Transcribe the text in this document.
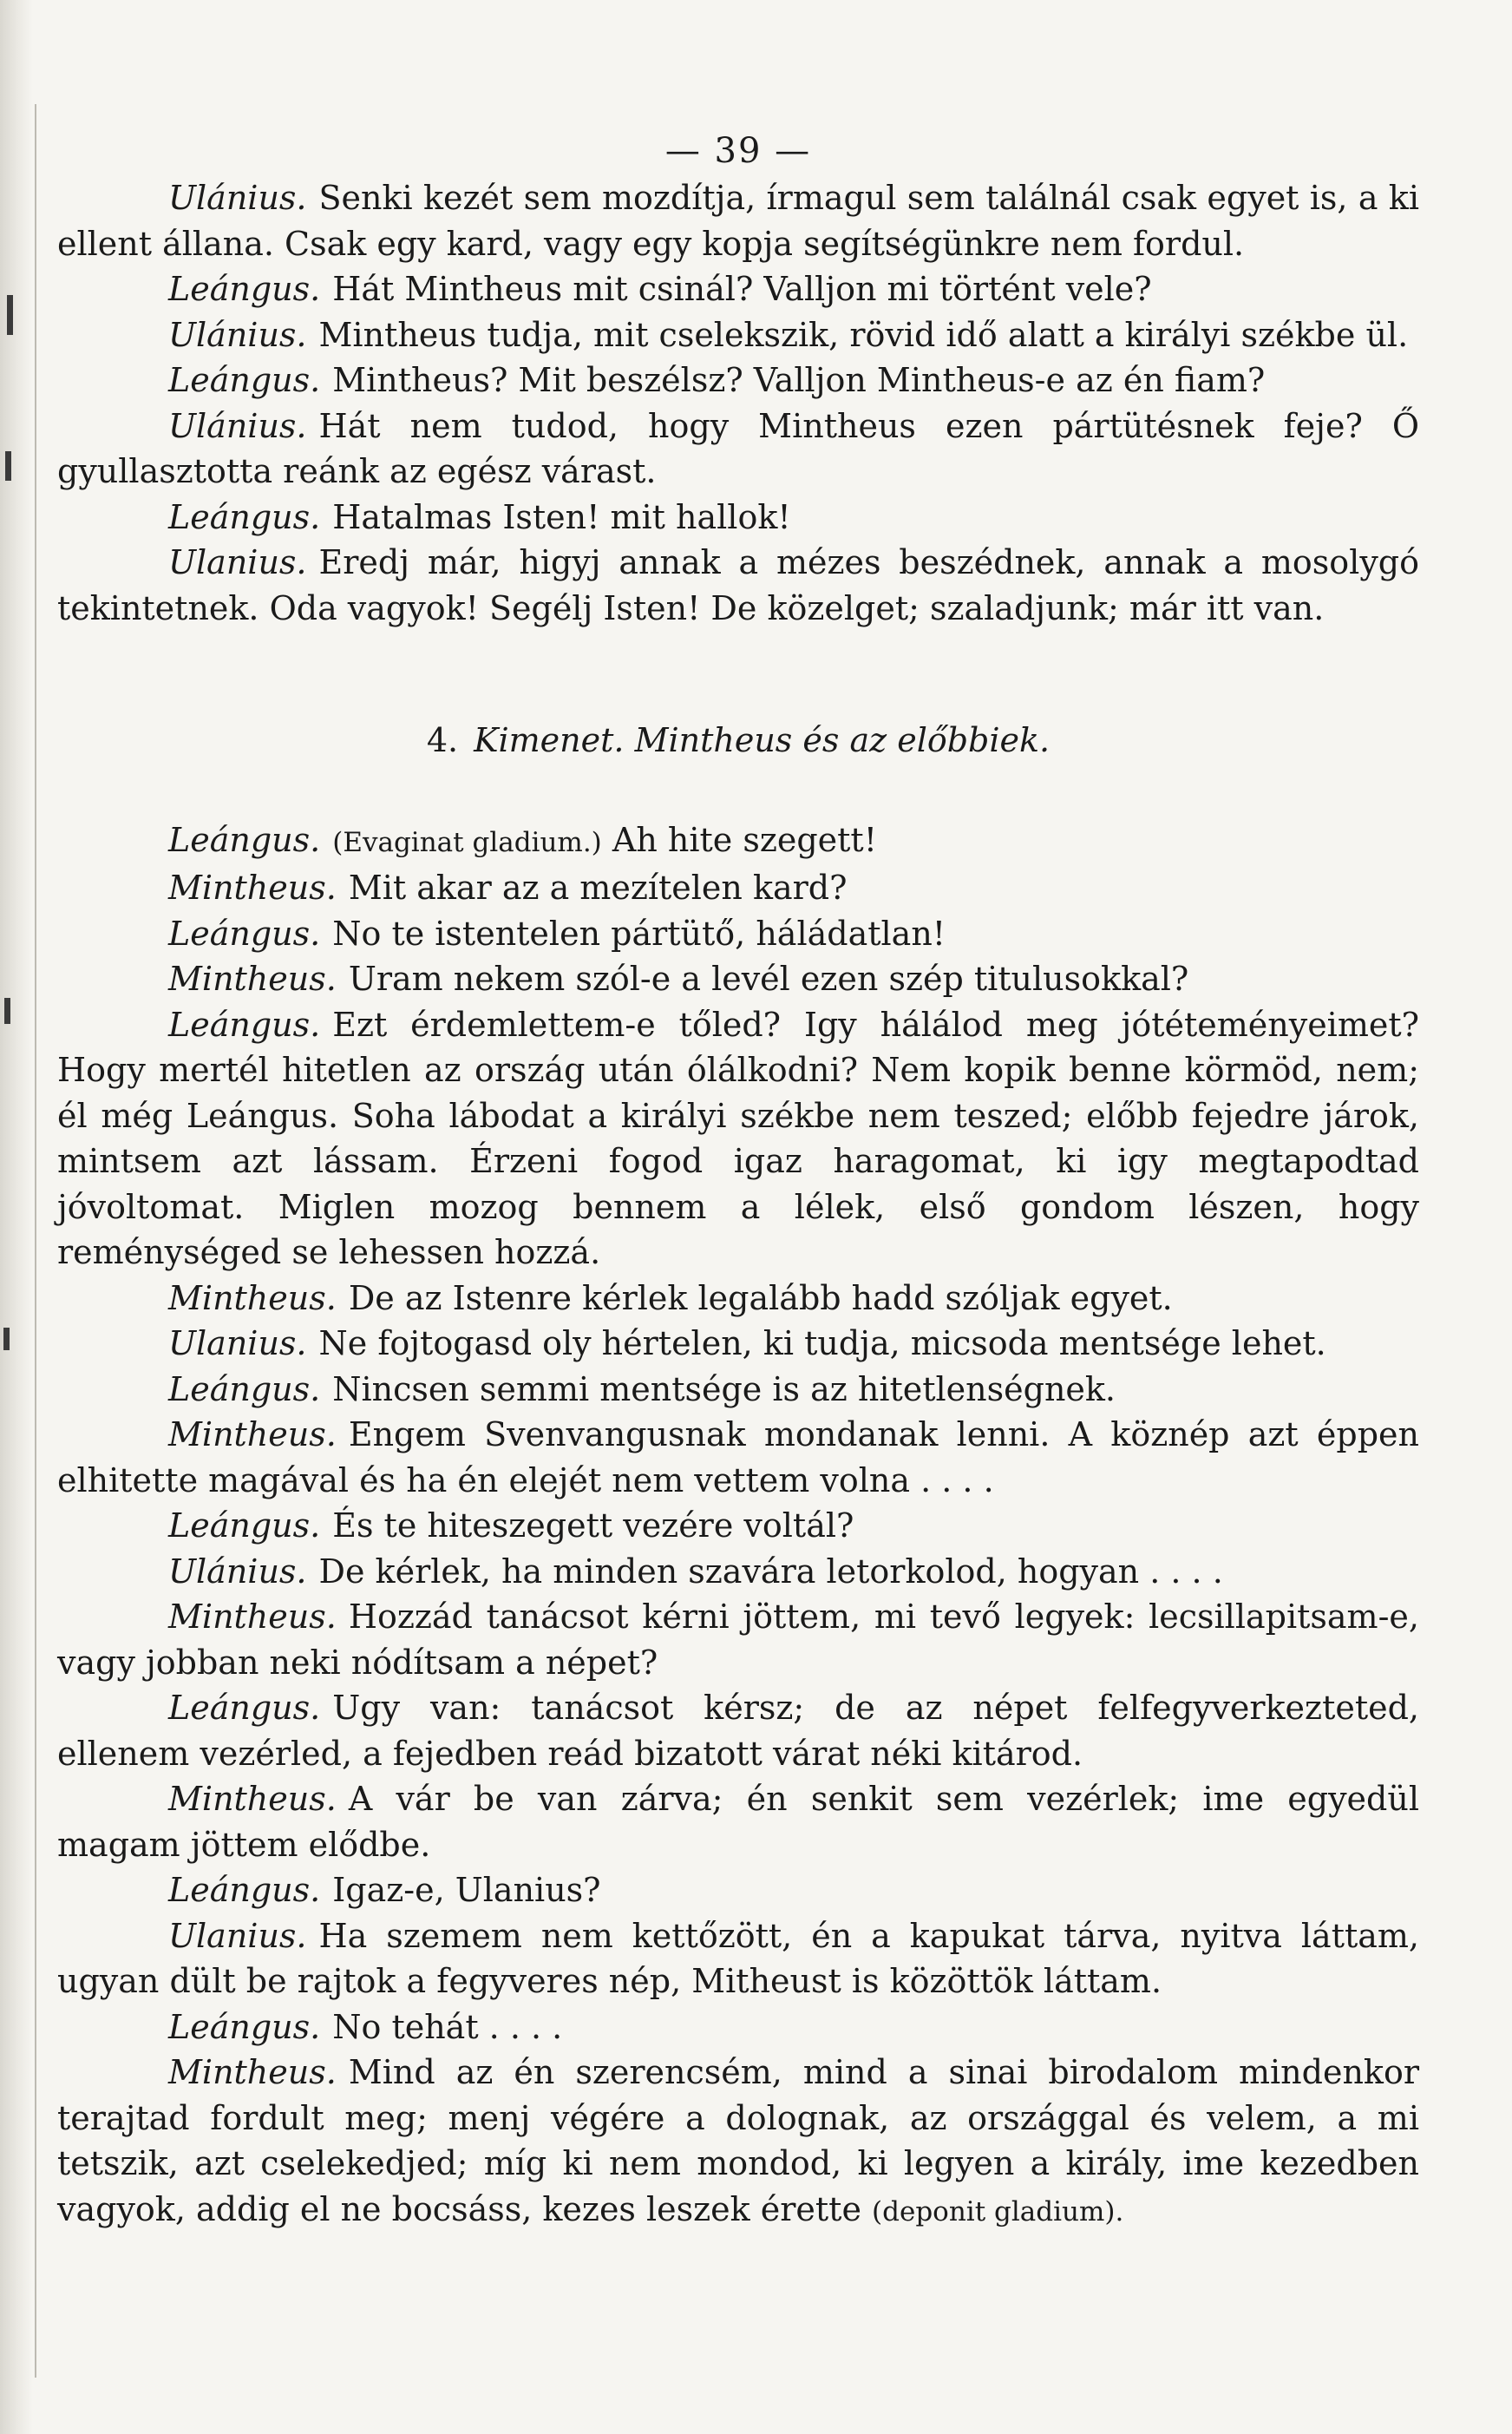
— 39 —

Ulánius. Senki kezét sem mozdítja, írmagul sem találnál csak egyet is, a ki ellent állana. Csak egy kard, vagy egy kopja segítségünkre nem fordul.

Leángus. Hát Mintheus mit csinál? Valljon mi történt vele?

Ulánius. Mintheus tudja, mit cselekszik, rövid idő alatt a királyi székbe ül.

Leángus. Mintheus? Mit beszélsz? Valljon Mintheus-e az én fiam?

Ulánius. Hát nem tudod, hogy Mintheus ezen pártütésnek feje? Ő gyullasztotta reánk az egész várast.

Leángus. Hatalmas Isten! mit hallok!

Ulanius. Eredj már, higyj annak a mézes beszédnek, annak a mosolygó tekintetnek. Oda vagyok! Segélj Isten! De közelget; szaladjunk; már itt van.

4. Kimenet. Mintheus és az előbbiek.

Leángus. (Evaginat gladium.) Ah hite szegett!

Mintheus. Mit akar az a mezítelen kard?

Leángus. No te istentelen pártütő, háládatlan!

Mintheus. Uram nekem szól-e a levél ezen szép titulusokkal?

Leángus. Ezt érdemlettem-e tőled? Igy hálálod meg jótéteményeimet? Hogy mertél hitetlen az ország után ólálkodni? Nem kopik benne körmöd, nem; él még Leángus. Soha lábodat a királyi székbe nem teszed; előbb fejedre járok, mintsem azt lássam. Érzeni fogod igaz haragomat, ki igy megtapodtad jóvoltomat. Miglen mozog bennem a lélek, első gondom lészen, hogy reménységed se lehessen hozzá.

Mintheus. De az Istenre kérlek legalább hadd szóljak egyet.

Ulanius. Ne fojtogasd oly hértelen, ki tudja, micsoda mentsége lehet.

Leángus. Nincsen semmi mentsége is az hitetlenségnek.

Mintheus. Engem Svenvangusnak mondanak lenni. A köznép azt éppen elhitette magával és ha én elejét nem vettem volna . . . .

Leángus. És te hiteszegett vezére voltál?

Ulánius. De kérlek, ha minden szavára letorkolod, hogyan . . . .

Mintheus. Hozzád tanácsot kérni jöttem, mi tevő legyek: lecsillapitsam-e, vagy jobban neki nódítsam a népet?

Leángus. Ugy van: tanácsot kérsz; de az népet felfegyverkezteted, ellenem vezérled, a fejedben reád bizatott várat néki kitárod.

Mintheus. A vár be van zárva; én senkit sem vezérlek; ime egyedül magam jöttem elődbe.

Leángus. Igaz-e, Ulanius?

Ulanius. Ha szemem nem kettőzött, én a kapukat tárva, nyitva láttam, ugyan dült be rajtok a fegyveres nép, Mitheust is közöttök láttam.

Leángus. No tehát . . . .

Minthеus. Mind az én szerencsém, mind a sinai birodalom mindenkor terajtad fordult meg; menj végére a dolognak, az országgal és velem, a mi tetszik, azt cselekedjed; míg ki nem mondod, ki legyen a király, ime kezedben vagyok, addig el ne bocsáss, kezes leszek érette (deponit gladium).
